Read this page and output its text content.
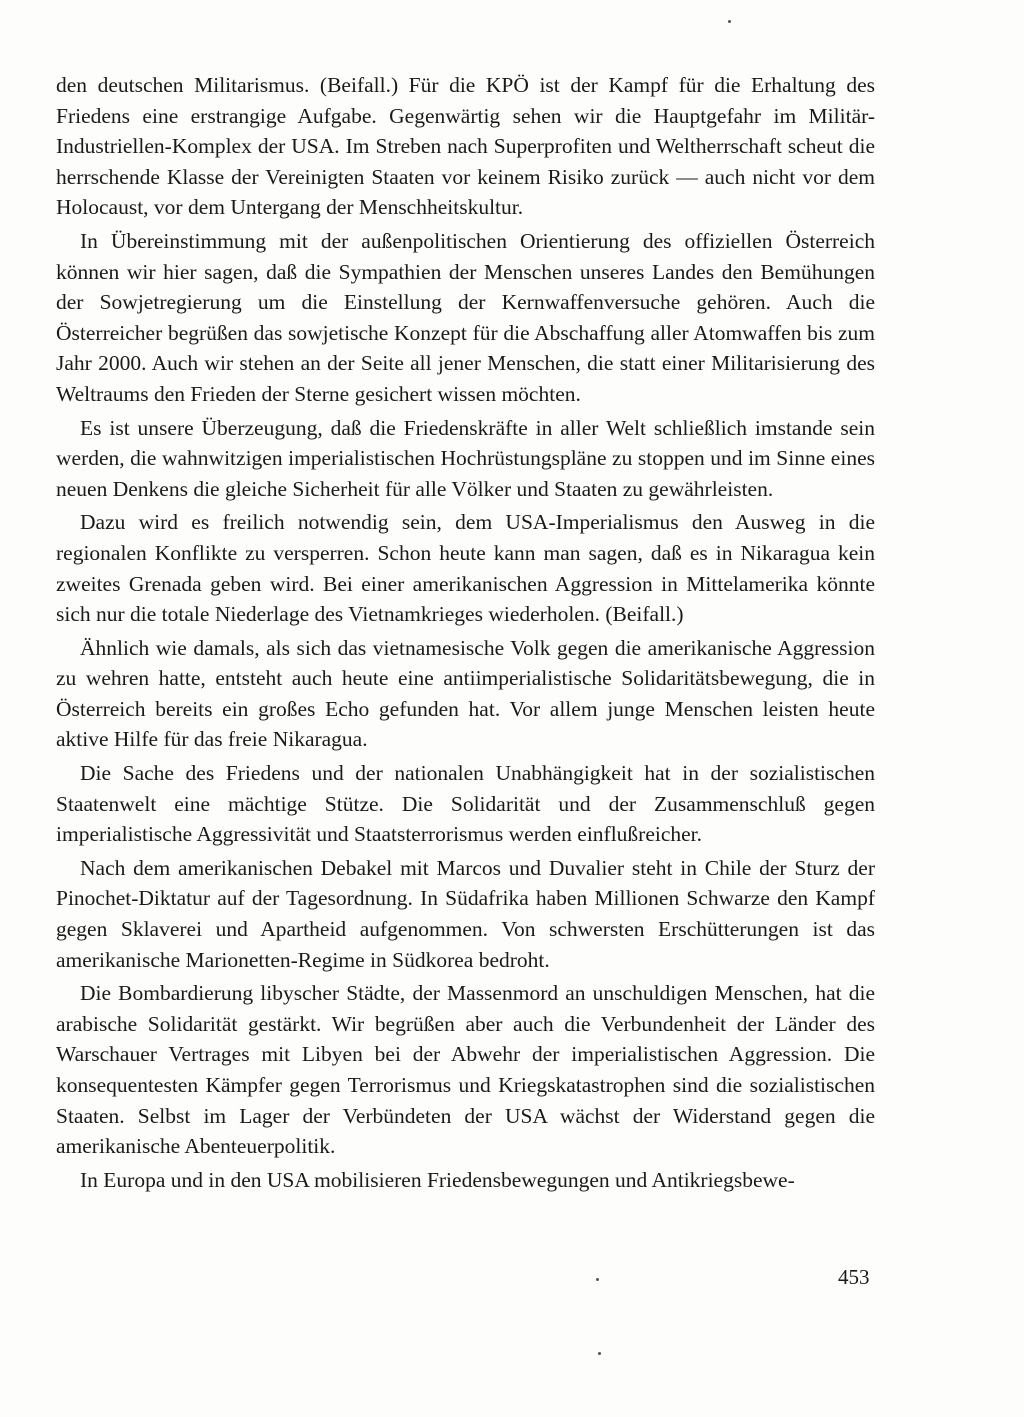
den deutschen Militarismus. (Beifall.) Für die KPÖ ist der Kampf für die Erhaltung des Friedens eine erstrangige Aufgabe. Gegenwärtig sehen wir die Hauptgefahr im Militär-Industriellen-Komplex der USA. Im Streben nach Superprofiten und Weltherrschaft scheut die herrschende Klasse der Vereinigten Staaten vor keinem Risiko zurück — auch nicht vor dem Holocaust, vor dem Untergang der Menschheitskultur.

In Übereinstimmung mit der außenpolitischen Orientierung des offiziellen Österreich können wir hier sagen, daß die Sympathien der Menschen unseres Landes den Bemühungen der Sowjetregierung um die Einstellung der Kernwaffenversuche gehören. Auch die Österreicher begrüßen das sowjetische Konzept für die Abschaffung aller Atomwaffen bis zum Jahr 2000. Auch wir stehen an der Seite all jener Menschen, die statt einer Militarisierung des Weltraums den Frieden der Sterne gesichert wissen möchten.

Es ist unsere Überzeugung, daß die Friedenskräfte in aller Welt schließlich imstande sein werden, die wahnwitzigen imperialistischen Hochrüstungspläne zu stoppen und im Sinne eines neuen Denkens die gleiche Sicherheit für alle Völker und Staaten zu gewährleisten.

Dazu wird es freilich notwendig sein, dem USA-Imperialismus den Ausweg in die regionalen Konflikte zu versperren. Schon heute kann man sagen, daß es in Nikaragua kein zweites Grenada geben wird. Bei einer amerikanischen Aggression in Mittelamerika könnte sich nur die totale Niederlage des Vietnamkrieges wiederholen. (Beifall.)

Ähnlich wie damals, als sich das vietnamesische Volk gegen die amerikanische Aggression zu wehren hatte, entsteht auch heute eine antiimperialistische Solidaritätsbewegung, die in Österreich bereits ein großes Echo gefunden hat. Vor allem junge Menschen leisten heute aktive Hilfe für das freie Nikaragua.

Die Sache des Friedens und der nationalen Unabhängigkeit hat in der sozialistischen Staatenwelt eine mächtige Stütze. Die Solidarität und der Zusammenschluß gegen imperialistische Aggressivität und Staatsterrorismus werden einflußreicher.

Nach dem amerikanischen Debakel mit Marcos und Duvalier steht in Chile der Sturz der Pinochet-Diktatur auf der Tagesordnung. In Südafrika haben Millionen Schwarze den Kampf gegen Sklaverei und Apartheid aufgenommen. Von schwersten Erschütterungen ist das amerikanische Marionetten-Regime in Südkorea bedroht.

Die Bombardierung libyscher Städte, der Massenmord an unschuldigen Menschen, hat die arabische Solidarität gestärkt. Wir begrüßen aber auch die Verbundenheit der Länder des Warschauer Vertrages mit Libyen bei der Abwehr der imperialistischen Aggression. Die konsequentesten Kämpfer gegen Terrorismus und Kriegskatastrophen sind die sozialistischen Staaten. Selbst im Lager der Verbündeten der USA wächst der Widerstand gegen die amerikanische Abenteuerpolitik.

In Europa und in den USA mobilisieren Friedensbewegungen und Antikriegsbewe-

453
